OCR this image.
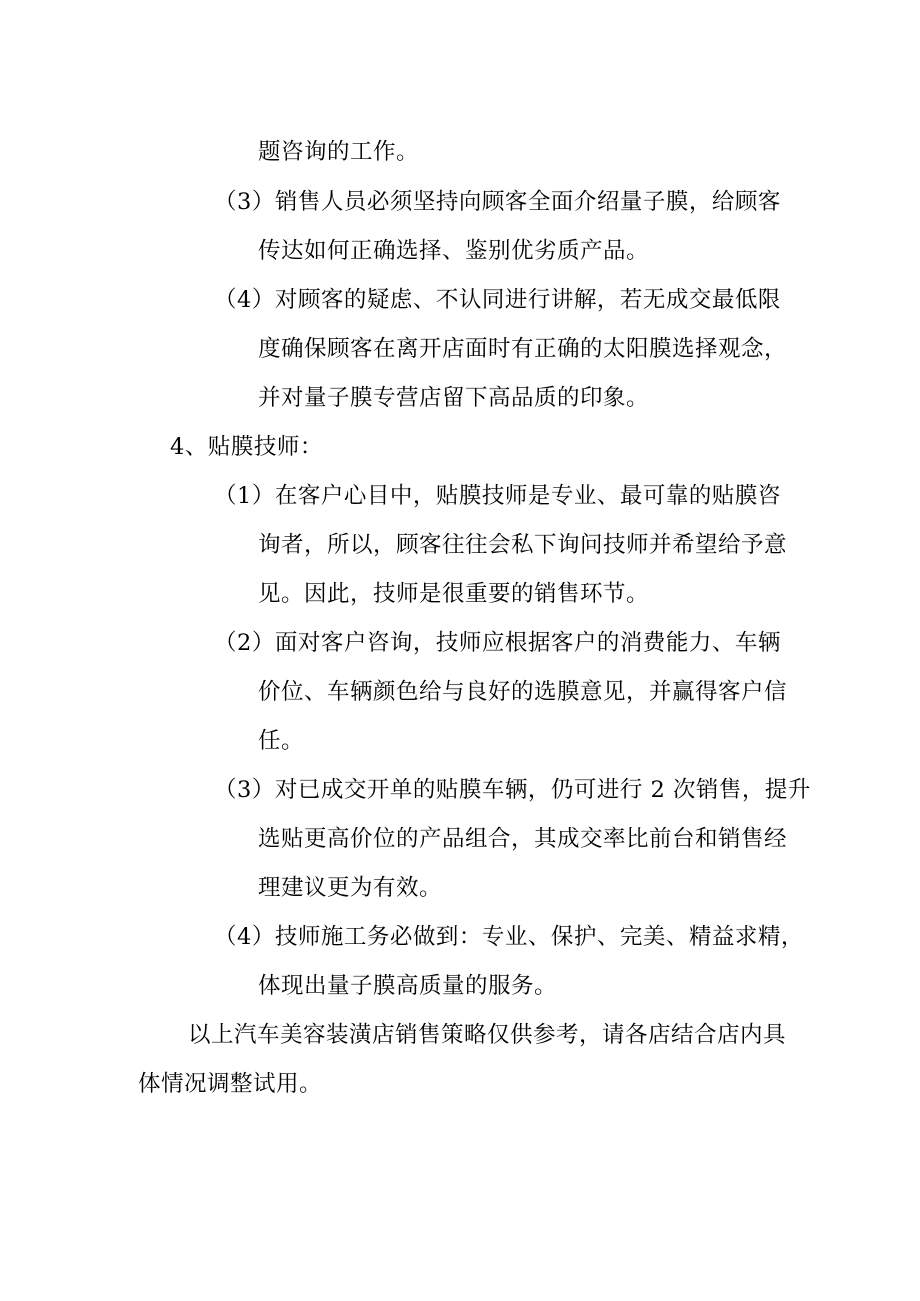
题咨询的工作。
（3）销售人员必须坚持向顾客全面介绍量子膜，给顾客
传达如何正确选择、鉴别优劣质产品。
（4）对顾客的疑虑、不认同进行讲解，若无成交最低限
度确保顾客在离开店面时有正确的太阳膜选择观念，
并对量子膜专营店留下高品质的印象。
4、贴膜技师：
（1）在客户心目中，贴膜技师是专业、最可靠的贴膜咨
询者，所以，顾客往往会私下询问技师并希望给予意
见。因此，技师是很重要的销售环节。
（2）面对客户咨询，技师应根据客户的消费能力、车辆
价位、车辆颜色给与良好的选膜意见，并赢得客户信
任。
（3）对已成交开单的贴膜车辆，仍可进行 2 次销售，提升
选贴更高价位的产品组合，其成交率比前台和销售经
理建议更为有效。
（4）技师施工务必做到：专业、保护、完美、精益求精，
体现出量子膜高质量的服务。
以上汽车美容装潢店销售策略仅供参考，请各店结合店内具
体情况调整试用。
